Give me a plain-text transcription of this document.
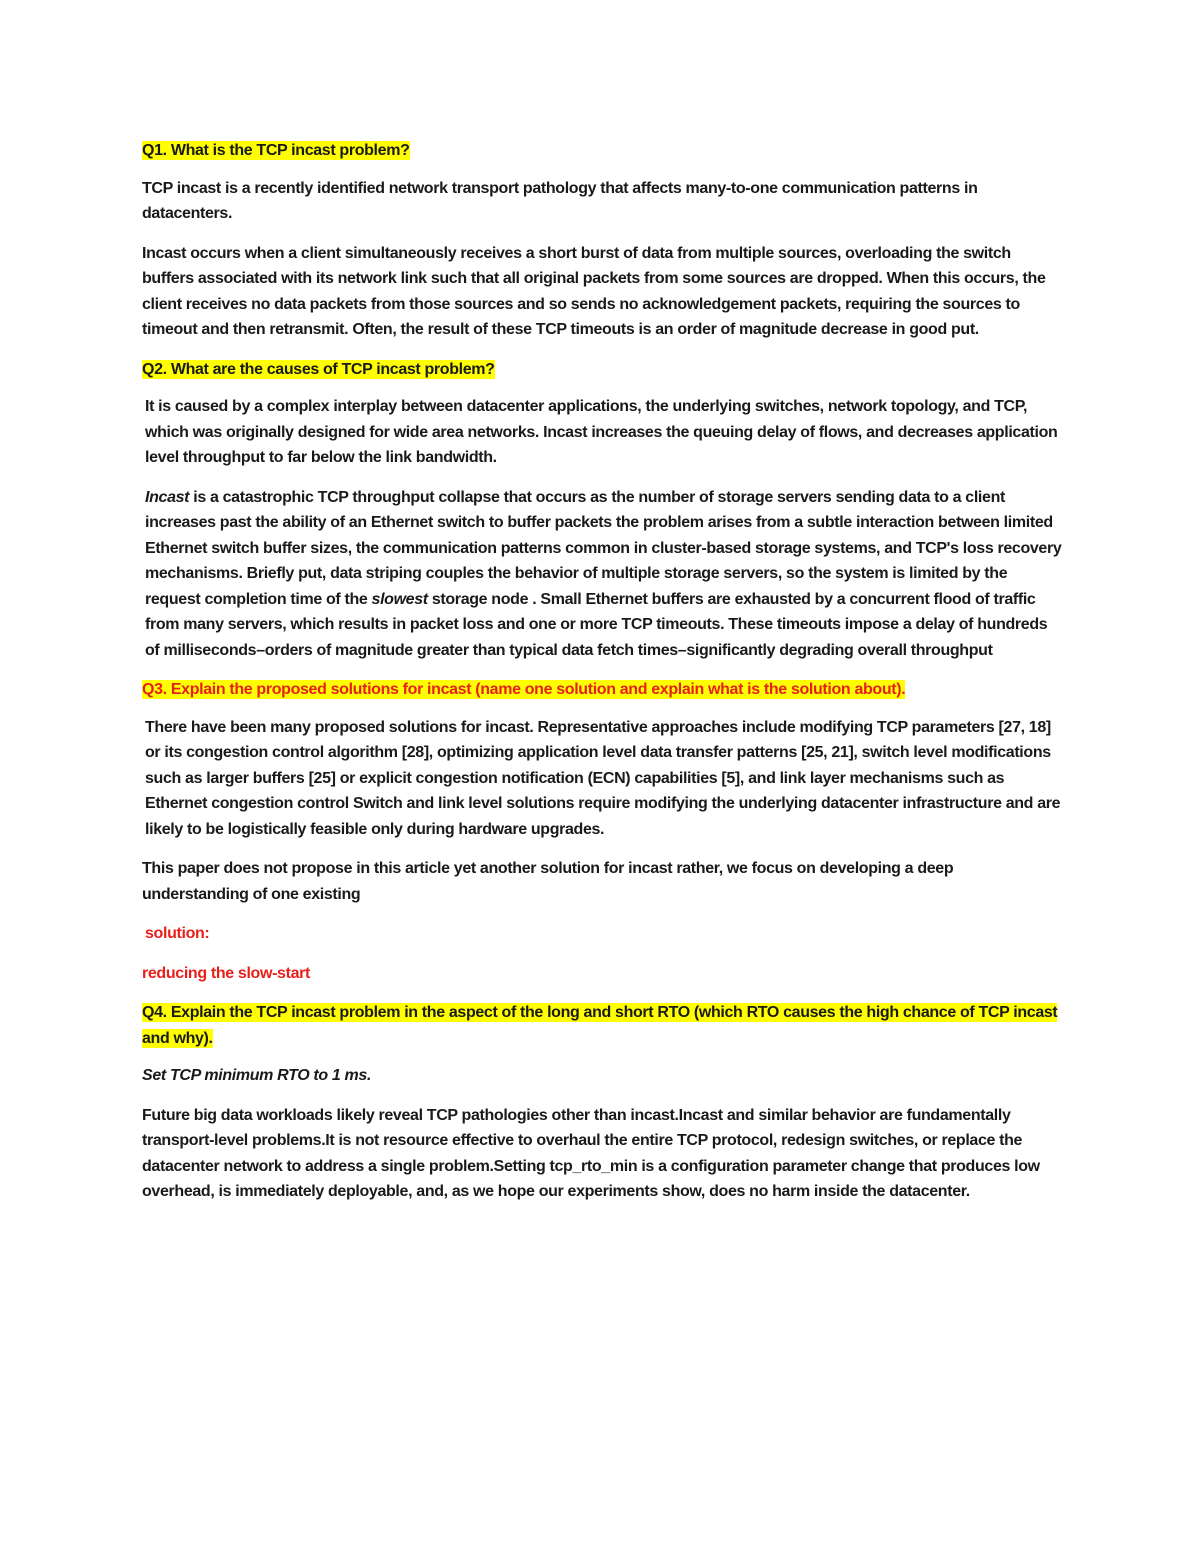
Q1. What is the TCP incast problem?

TCP incast is a recently identified network transport pathology that affects many-to-one communication patterns in datacenters.

Incast occurs when a client simultaneously receives a short burst of data from multiple sources, overloading the switch buffers associated with its network link such that all original packets from some sources are dropped. When this occurs, the client receives no data packets from those sources and so sends no acknowledgement packets, requiring the sources to timeout and then retransmit. Often, the result of these TCP timeouts is an order of magnitude decrease in good put.

Q2. What are the causes of TCP incast problem?

It is caused by a complex interplay between datacenter applications, the underlying switches, network topology, and TCP, which was originally designed for wide area networks. Incast increases the queuing delay of flows, and decreases application level throughput to far below the link bandwidth.

Incast is a catastrophic TCP throughput collapse that occurs as the number of storage servers sending data to a client increases past the ability of an Ethernet switch to buffer packets the problem arises from a subtle interaction between limited Ethernet switch buffer sizes, the communication patterns common in cluster-based storage systems, and TCP's loss recovery mechanisms. Briefly put, data striping couples the behavior of multiple storage servers, so the system is limited by the request completion time of the slowest storage node . Small Ethernet buffers are exhausted by a concurrent flood of traffic from many servers, which results in packet loss and one or more TCP timeouts. These timeouts impose a delay of hundreds of milliseconds–orders of magnitude greater than typical data fetch times–significantly degrading overall throughput

Q3. Explain the proposed solutions for incast (name one solution and explain what is the solution about).

There have been many proposed solutions for incast. Representative approaches include modifying TCP parameters [27, 18] or its congestion control algorithm [28], optimizing application level data transfer patterns [25, 21], switch level modifications such as larger buffers [25] or explicit congestion notification (ECN) capabilities [5], and link layer mechanisms such as Ethernet congestion control Switch and link level solutions require modifying the underlying datacenter infrastructure and are likely to be logistically feasible only during hardware upgrades.

This paper does not propose in this article yet another solution for incast rather, we focus on developing a deep understanding of one existing

solution:

reducing the slow-start

Q4. Explain the TCP incast problem in the aspect of the long and short RTO (which RTO causes the high chance of TCP incast and why).

Set TCP minimum RTO to 1 ms.

Future big data workloads likely reveal TCP pathologies other than incast.Incast and similar behavior are fundamentally transport-level problems.It is not resource effective to overhaul the entire TCP protocol, redesign switches, or replace the datacenter network to address a single problem.Setting tcp_rto_min is a configuration parameter change that produces low overhead, is immediately deployable, and, as we hope our experiments show, does no harm inside the datacenter.
